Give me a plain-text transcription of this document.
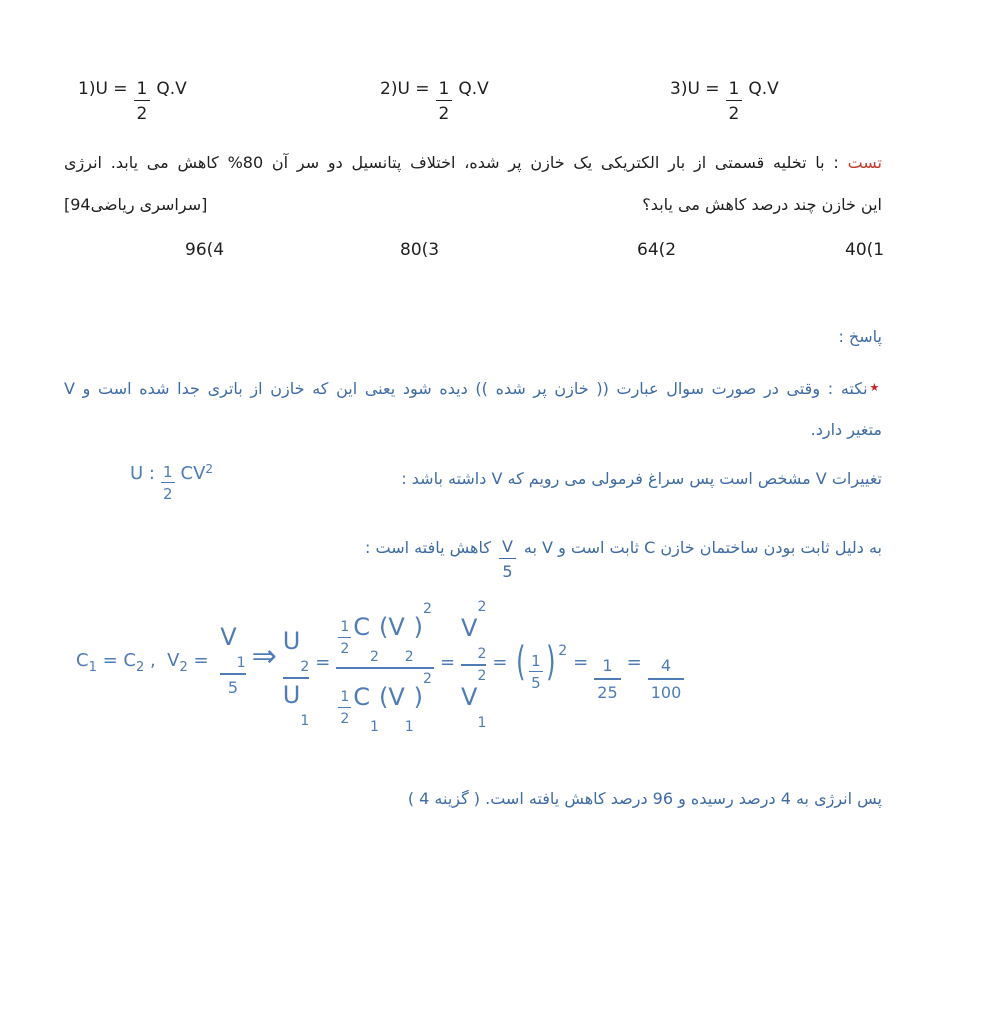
$1)U = \frac{1}{2} Q.V$	$2)U = \frac{1}{2} Q.V$	$3)U = \frac{1}{2} Q.V$
تست : با تخلیه قسمتی از بار الکتریکی یک خازن پر شده، اختلاف پتانسیل دو سر آن 80% کاهش می یابد. انرژی
این خازن چند درصد کاهش می یابد؟
[سراسری ریاضی94]
96(4	80(3	64(2	40(1
پاسخ :
★نکته : وقتی در صورت سوال عبارت (( خازن پر شده )) دیده شود یعنی این که خازن از باتری جدا شده است و V
متغیر دارد.
تغییرات V مشخص است پس سراغ فرمولی می رویم که V داشته باشد :
U : $\frac{1}{2} CV^2$
به دلیل ثابت بودن ساختمان خازن C ثابت است و V به
$\frac{V}{5}$
کاهش یافته است :
$C_1 = C_2$ ,  $V_2$ =
V
1
5
⇒ U
2
U
1
=
1
2
C
2
( V
2
)
2
1
2
C
1
( V
1
)
2
=
2
V
2
2
V
1
= ( 1
5 ) 2
= 1
25
= 4
100
پس انرژی به 4 درصد رسیده و 96 درصد کاهش یافته است. ( گزینه 4 )
